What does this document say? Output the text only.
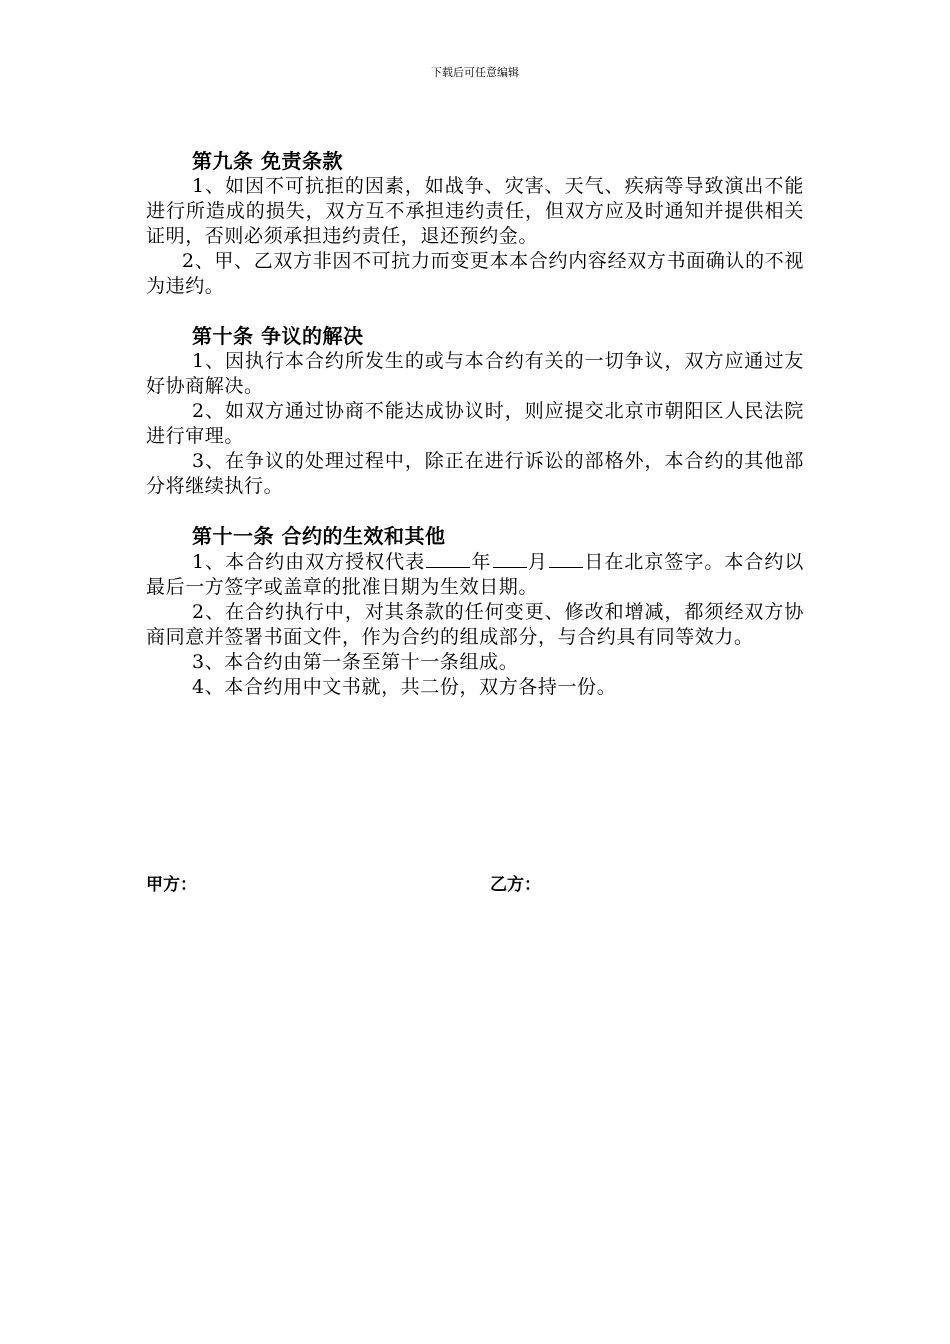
下载后可任意编辑
第九条 免责条款

1、如因不可抗拒的因素，如战争、灾害、天气、疾病等导致演出不能进行所造成的损失，双方互不承担违约责任，但双方应及时通知并提供相关证明，否则必须承担违约责任，退还预约金。

2、甲、乙双方非因不可抗力而变更本本合约内容经双方书面确认的不视为违约。

第十条 争议的解决

1、因执行本合约所发生的或与本合约有关的一切争议，双方应通过友好协商解决。

2、如双方通过协商不能达成协议时，则应提交北京市朝阳区人民法院进行审理。

3、在争议的处理过程中，除正在进行诉讼的部格外，本合约的其他部分将继续执行。

第十一条 合约的生效和其他

1、本合约由双方授权代表 年 月 日在北京签字。本合约以最后一方签字或盖章的批准日期为生效日期。

2、在合约执行中，对其条款的任何变更、修改和增减，都须经双方协商同意并签署书面文件，作为合约的组成部分，与合约具有同等效力。

3、本合约由第一条至第十一条组成。

4、本合约用中文书就，共二份，双方各持一份。

甲方：	乙方：
